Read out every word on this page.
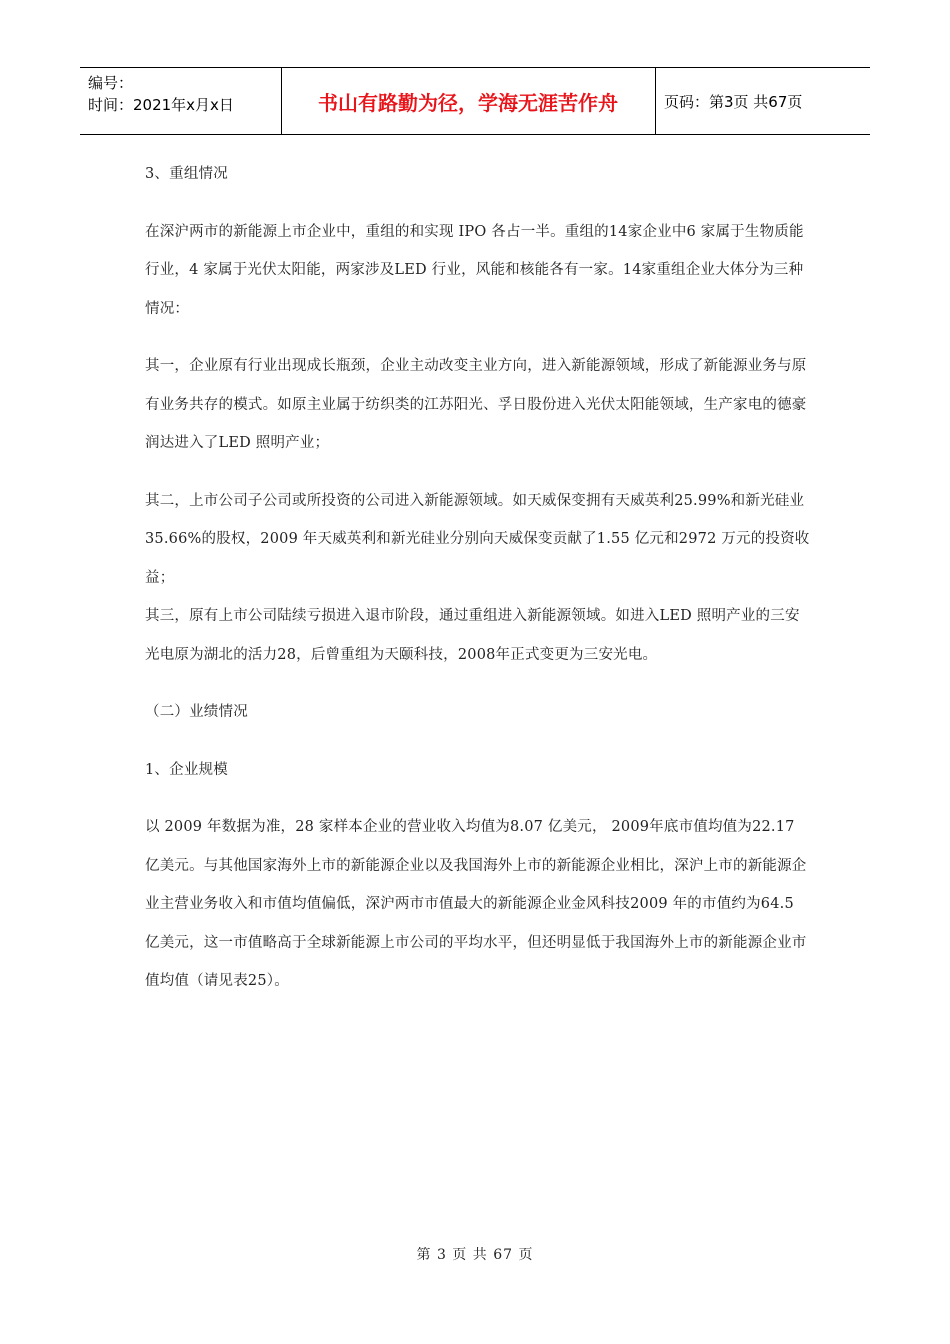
编号：
时间：2021年x月x日	书山有路勤为径，学海无涯苦作舟	页码：第3页 共67页

3、重组情况

在深沪两市的新能源上市企业中，重组的和实现 IPO 各占一半。重组的14家企业中6 家属于生物质能行业，4 家属于光伏太阳能，两家涉及LED 行业，风能和核能各有一家。14家重组企业大体分为三种情况：

其一，企业原有行业出现成长瓶颈，企业主动改变主业方向，进入新能源领域，形成了新能源业务与原有业务共存的模式。如原主业属于纺织类的江苏阳光、孚日股份进入光伏太阳能领域，生产家电的德豪润达进入了LED 照明产业；

其二，上市公司子公司或所投资的公司进入新能源领域。如天威保变拥有天威英利25.99%和新光硅业35.66%的股权，2009 年天威英利和新光硅业分别向天威保变贡献了1.55 亿元和2972 万元的投资收益；

其三，原有上市公司陆续亏损进入退市阶段，通过重组进入新能源领域。如进入LED 照明产业的三安光电原为湖北的活力28，后曾重组为天颐科技，2008年正式变更为三安光电。

（二）业绩情况

1、企业规模

以 2009 年数据为准，28 家样本企业的营业收入均值为8.07 亿美元， 2009年底市值均值为22.17 亿美元。与其他国家海外上市的新能源企业以及我国海外上市的新能源企业相比，深沪上市的新能源企业主营业务收入和市值均值偏低，深沪两市市值最大的新能源企业金风科技2009 年的市值约为64.5 亿美元，这一市值略高于全球新能源上市公司的平均水平，但还明显低于我国海外上市的新能源企业市值均值（请见表25）。

第 3 页 共 67 页
